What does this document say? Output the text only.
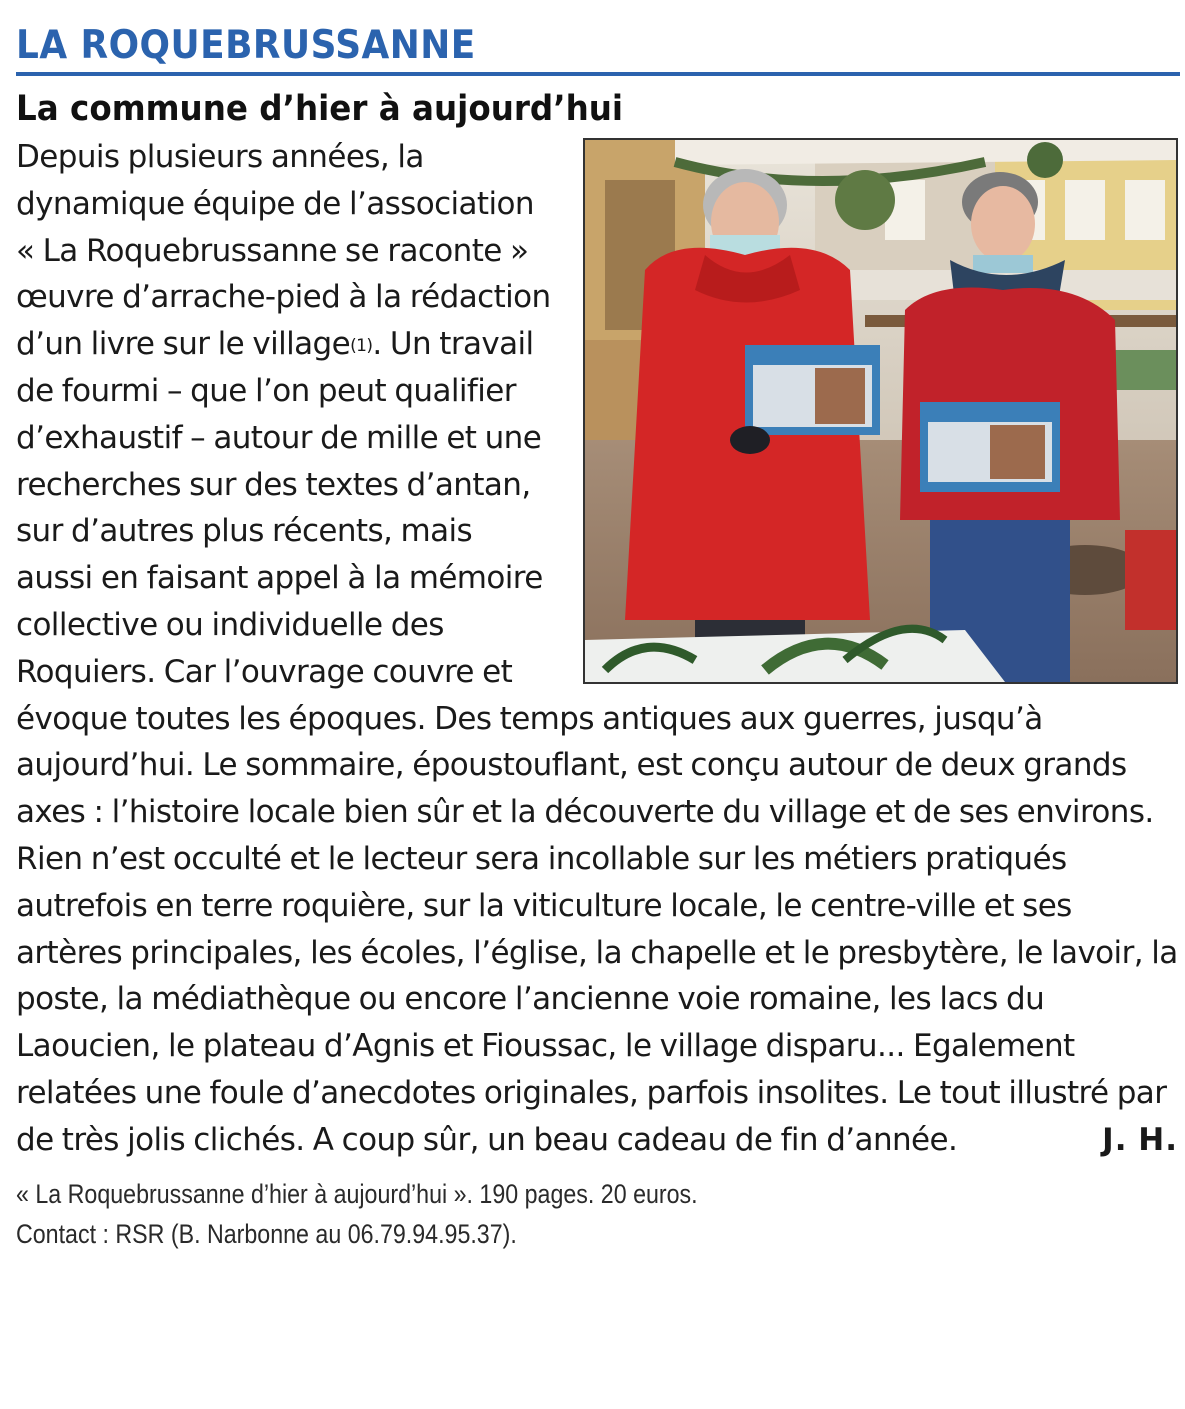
LA ROQUEBRUSSANNE
La commune d’hier à aujourd’hui

Depuis plusieurs années, la dynamique équipe de l’association « La Roquebrussanne se raconte » œuvre d’arrache-pied à la rédaction d’un livre sur le village$^{(1)}$. Un travail de fourmi – que l’on peut qualifier d’exhaustif – autour de mille et une recherches sur des textes d’antan, sur d’autres plus récents, mais aussi en faisant appel à la mémoire collective ou individuelle des Roquiers. Car l’ouvrage couvre et évoque toutes les époques. Des temps antiques aux guerres, jusqu’à aujourd’hui. Le sommaire, époustouflant, est conçu autour de deux grands axes : l’histoire locale bien sûr et la découverte du village et de ses environs. Rien n’est occulté et le lecteur sera incollable sur les métiers pratiqués autrefois en terre roquière, sur la viticulture locale, le centre-ville et ses artères principales, les écoles, l’église, la chapelle et le presbytère, le lavoir, la poste, la médiathèque ou encore l’ancienne voie romaine, les lacs du Laoucien, le plateau d’Agnis et Fioussac, le village disparu... Egalement relatées une foule d’anecdotes originales, parfois insolites. Le tout illustré par de très jolis clichés. A coup sûr, un beau cadeau de fin d’année.	J. H.

« La Roquebrussanne d’hier à aujourd’hui ». 190 pages. 20 euros.
Contact : RSR (B. Narbonne au 06.79.94.95.37).
